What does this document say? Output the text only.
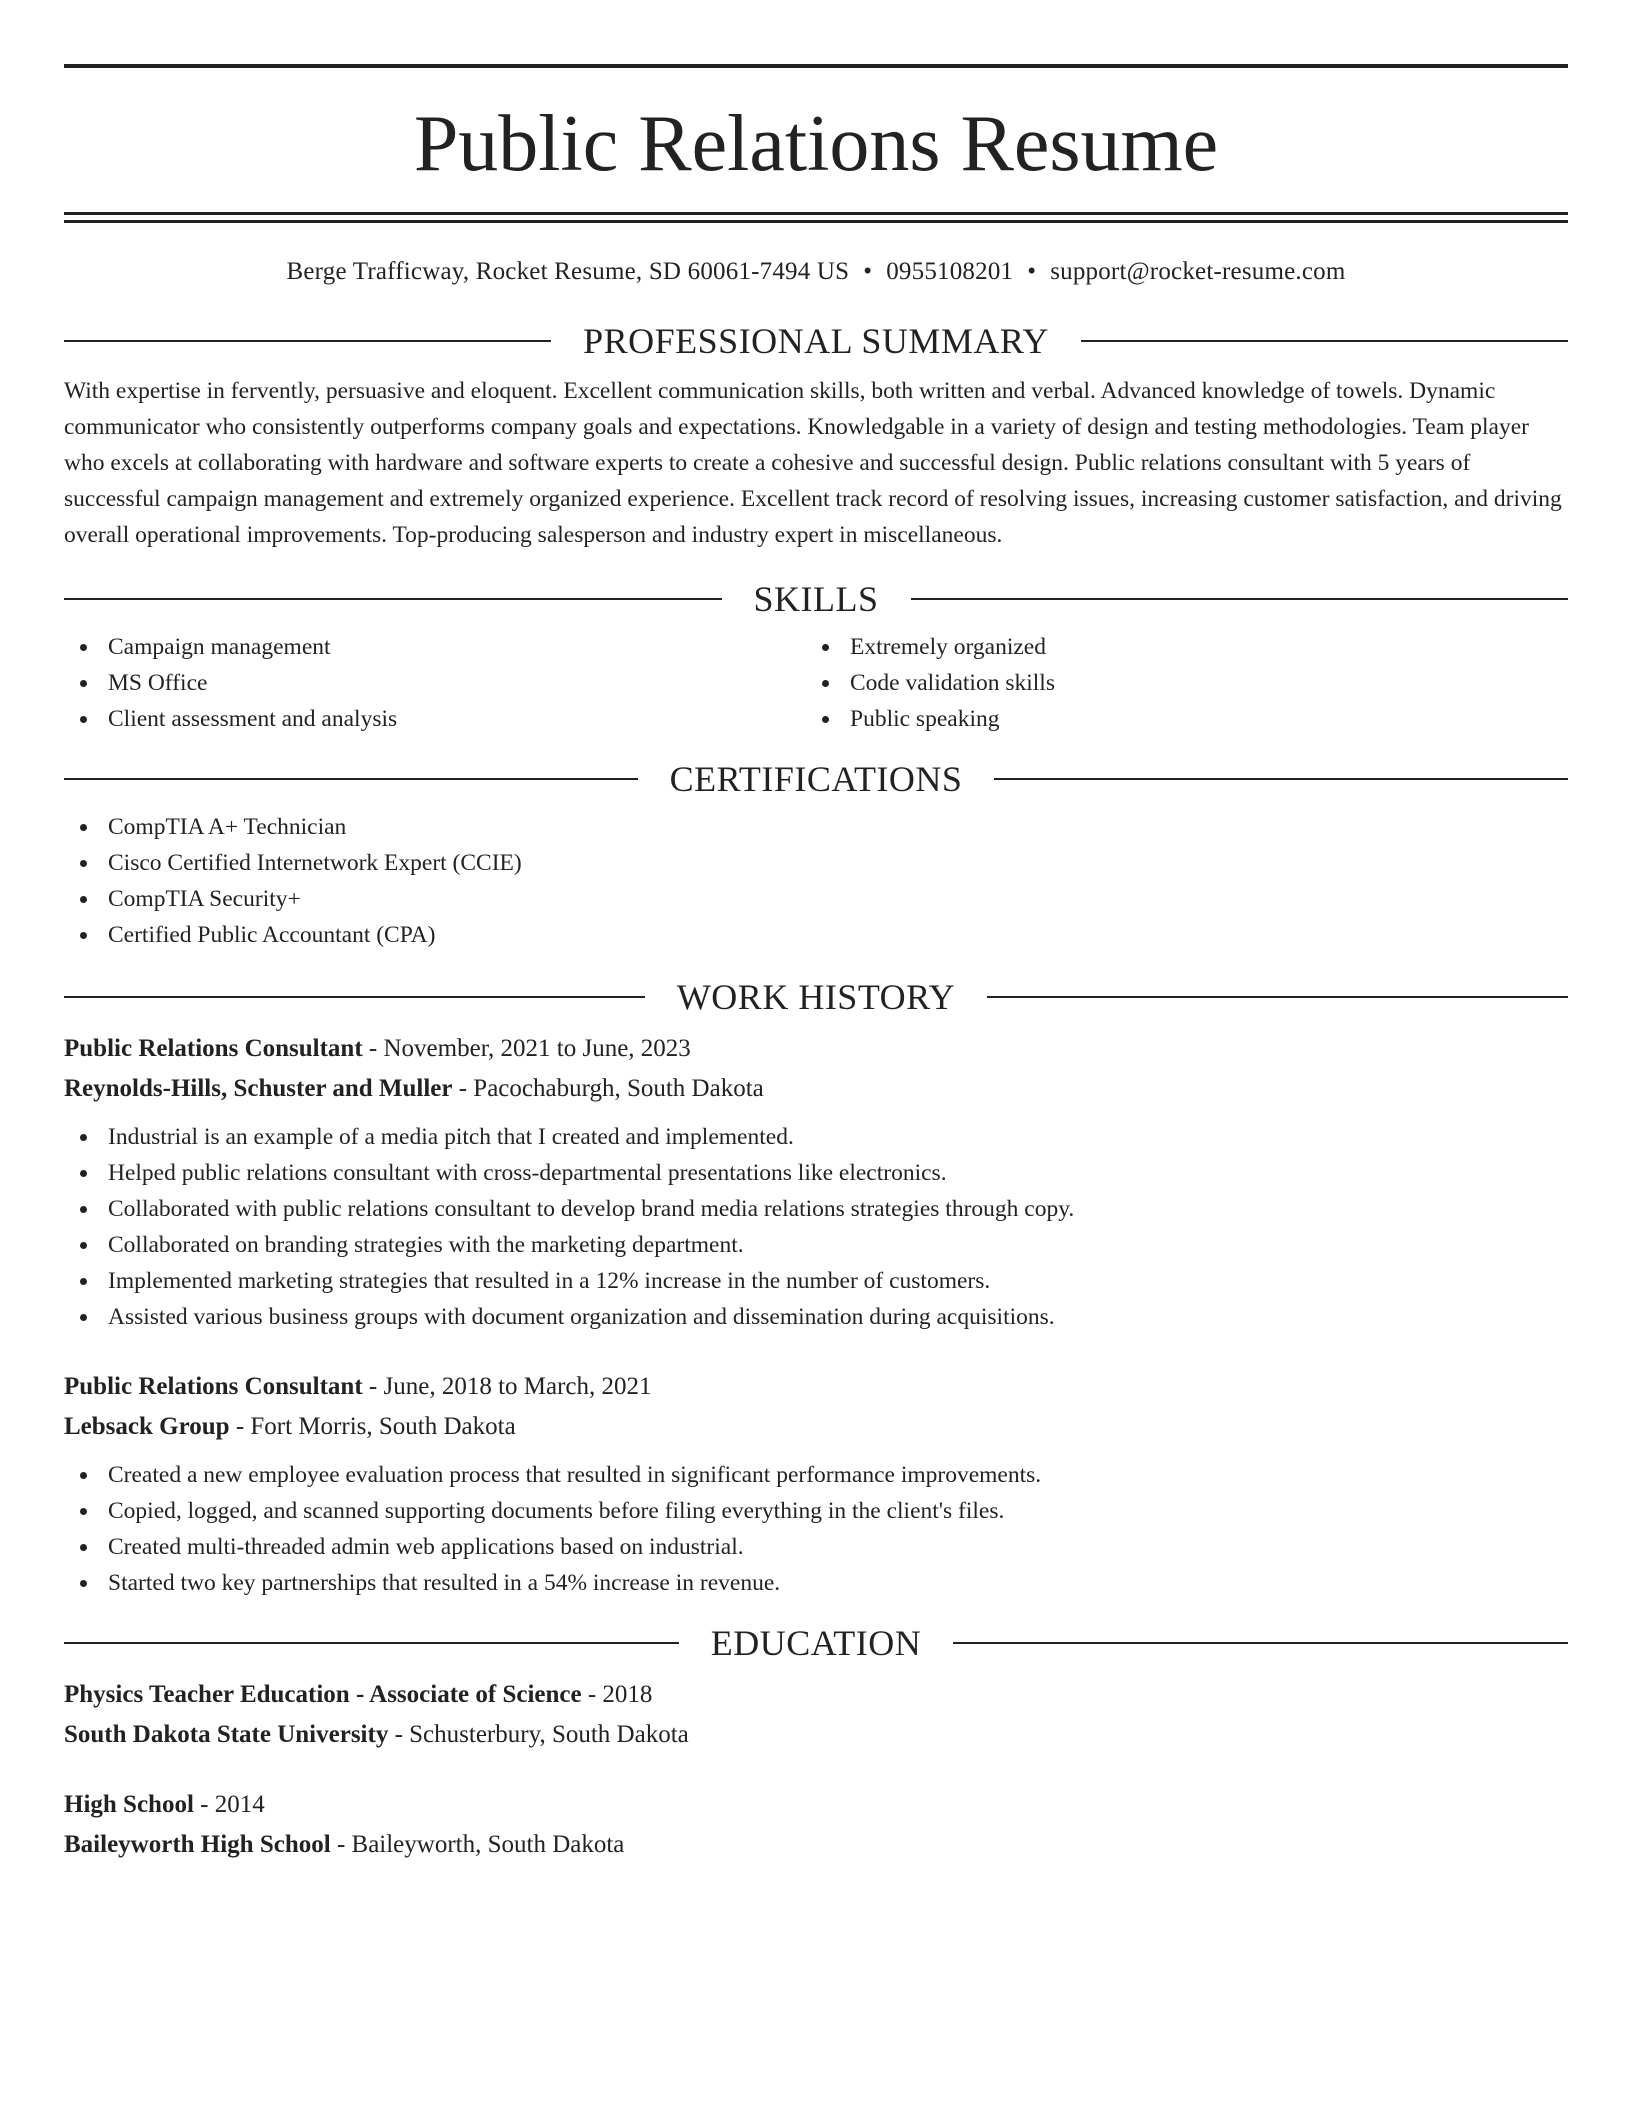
Public Relations Resume
Berge Trafficway, Rocket Resume, SD 60061-7494 US • 0955108201 • support@rocket-resume.com
PROFESSIONAL SUMMARY
With expertise in fervently, persuasive and eloquent. Excellent communication skills, both written and verbal. Advanced knowledge of towels. Dynamic communicator who consistently outperforms company goals and expectations. Knowledgable in a variety of design and testing methodologies. Team player who excels at collaborating with hardware and software experts to create a cohesive and successful design. Public relations consultant with 5 years of successful campaign management and extremely organized experience. Excellent track record of resolving issues, increasing customer satisfaction, and driving overall operational improvements. Top-producing salesperson and industry expert in miscellaneous.
SKILLS
Campaign management
MS Office
Client assessment and analysis
Extremely organized
Code validation skills
Public speaking
CERTIFICATIONS
CompTIA A+ Technician
Cisco Certified Internetwork Expert (CCIE)
CompTIA Security+
Certified Public Accountant (CPA)
WORK HISTORY
Public Relations Consultant - November, 2021 to June, 2023
Reynolds-Hills, Schuster and Muller - Pacochaburgh, South Dakota
Industrial is an example of a media pitch that I created and implemented.
Helped public relations consultant with cross-departmental presentations like electronics.
Collaborated with public relations consultant to develop brand media relations strategies through copy.
Collaborated on branding strategies with the marketing department.
Implemented marketing strategies that resulted in a 12% increase in the number of customers.
Assisted various business groups with document organization and dissemination during acquisitions.
Public Relations Consultant - June, 2018 to March, 2021
Lebsack Group - Fort Morris, South Dakota
Created a new employee evaluation process that resulted in significant performance improvements.
Copied, logged, and scanned supporting documents before filing everything in the client's files.
Created multi-threaded admin web applications based on industrial.
Started two key partnerships that resulted in a 54% increase in revenue.
EDUCATION
Physics Teacher Education - Associate of Science - 2018
South Dakota State University - Schusterbury, South Dakota
High School - 2014
Baileyworth High School - Baileyworth, South Dakota
